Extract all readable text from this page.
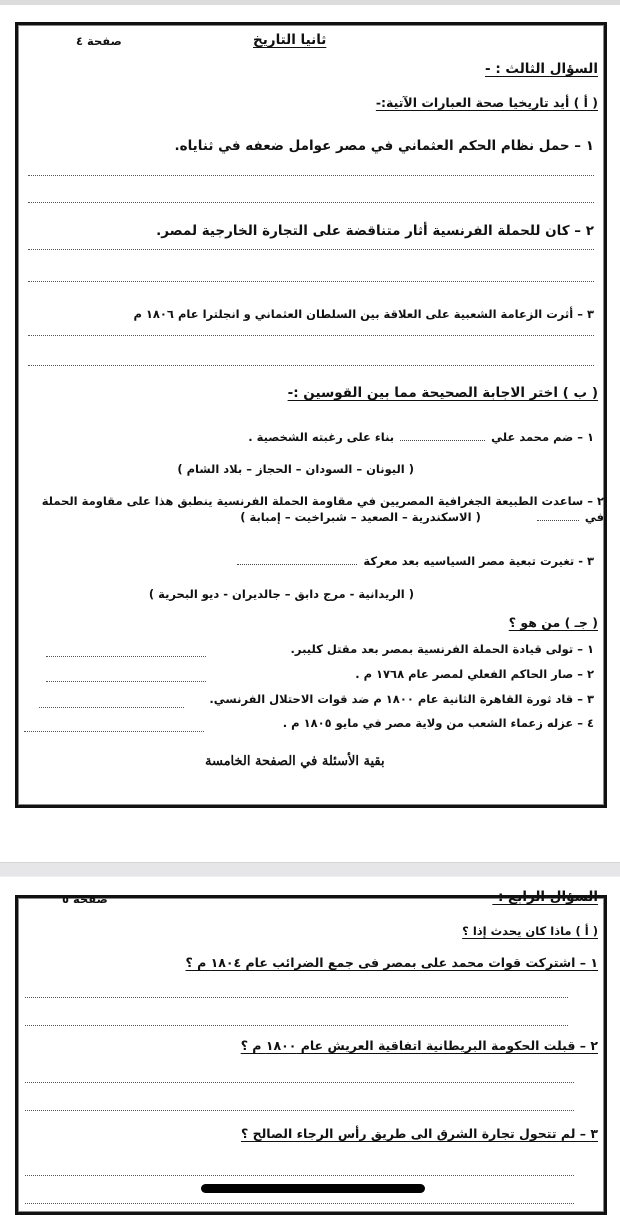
صفحة ٤	ثانيا التاريخ
السؤال الثالث : -
( أ ) أيد تاريخيا صحة العبارات الآتية:-
١ – حمل نظام الحكم العثماني في مصر عوامل ضعفه في ثناياه.
٢ – كان للحملة الفرنسية أثار متناقضة على التجارة الخارجية لمصر.
٣ – أثرت الزعامة الشعبية على العلاقة بين السلطان العثماني و انجلترا عام ١٨٠٦ م
( ب ) اختر الاجابة الصحيحة مما بين القوسين :-
١ – ضم محمد عليبناء على رغبته الشخصية .
( اليونان – السودان – الحجاز – بلاد الشام )
٢ – ساعدت الطبيعة الجغرافية المصريين في مقاومة الحملة الفرنسية ينطبق هذا على مقاومة الحملة
في( الاسكندرية – الصعيد – شبراخيت – إمبابة )
٣ - تغيرت تبعية مصر السياسيه بعد معركة
( الريدانية - مرج دابق – جالديران - ديو البحرية )
( جـ ) من هو ؟
١ – تولى قيادة الحملة الفرنسية بمصر بعد مقتل كليبر.
٢ – صار الحاكم الفعلي لمصر عام ١٧٦٨ م .
٣ – قاد ثورة القاهرة الثانية عام ١٨٠٠ م ضد قوات الاحتلال الفرنسي.
٤ – عزله زعماء الشعب من ولاية مصر في مايو ١٨٠٥ م .
بقية الأسئلة في الصفحة الخامسة
صفحة ٥	السؤال الرابع :-
( أ ) ماذا كان يحدث إذا ؟
١ – اشتركت قوات محمد على بمصر فى جمع الضرائب عام ١٨٠٤ م ؟
٢ – قبلت الحكومة البريطانية اتفاقية العريش عام ١٨٠٠ م ؟
٣ – لم تتحول تجارة الشرق الى طريق رأس الرجاء الصالح ؟
